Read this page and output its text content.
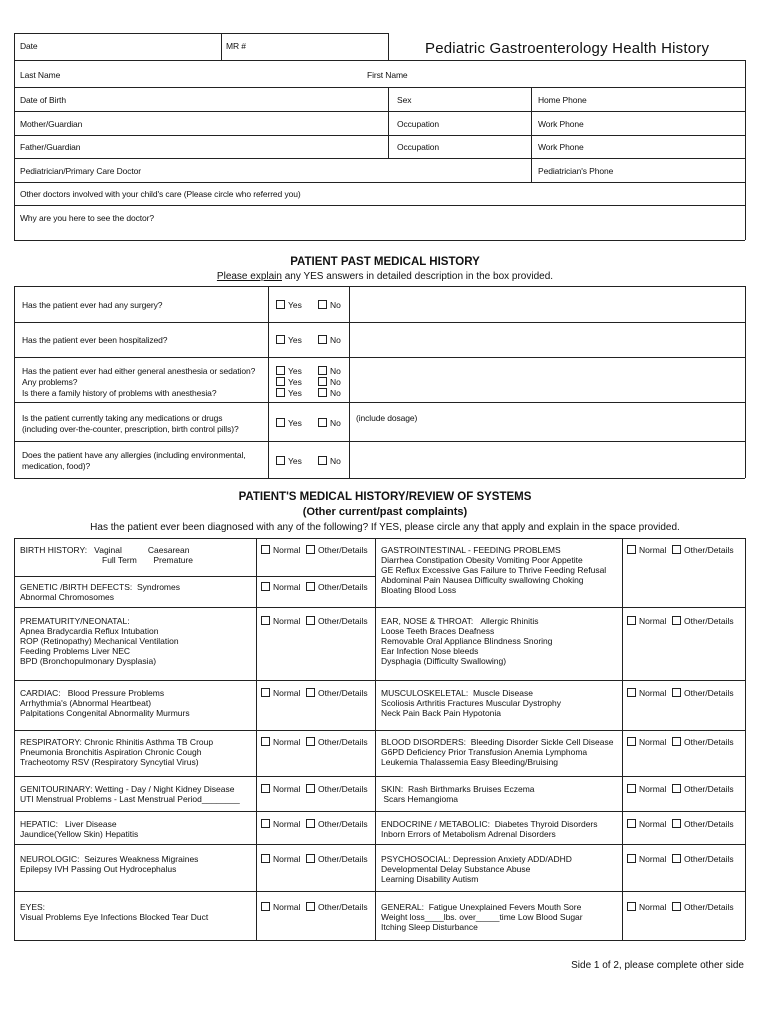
Date	MR #	Pediatric Gastroenterology Health History
Last Name	First Name
Date of Birth	Sex	Home Phone
Mother/Guardian	Occupation	Work Phone
Father/Guardian	Occupation	Work Phone
Pediatrician/Primary Care Doctor	Pediatrician's Phone
Other doctors involved with your child's care (Please circle who referred you)
Why are you here to see the doctor?
PATIENT PAST MEDICAL HISTORY
Please explain any YES answers in detailed description in the box provided.
Has the patient ever had any surgery?	Yes	No
Has the patient ever been hospitalized?	Yes	No
Has the patient ever had either general anesthesia or sedation?
Any problems?
Is there a family history of problems with anesthesia?
Yes	No
Yes	No
Yes	No
Is the patient currently taking any medications or drugs
(including over-the-counter, prescription, birth control pills)?
Yes	No (include dosage)
Does the patient have any allergies (including environmental,
medication, food)?	Yes	No
PATIENT'S MEDICAL HISTORY/REVIEW OF SYSTEMS
(Other current/past complaints)
Has the patient ever been diagnosed with any of the following? If YES, please circle any that apply and explain in the space provided.
BIRTH HISTORY: Vaginal	Caesarean
Full Term Premature
Normal	Other/Details
GENETIC /BIRTH DEFECTS: Syndromes
Abnormal Chromosomes
Normal	Other/Details
PREMATURITY/NEONATAL:
Apnea Bradycardia Reflux Intubation
ROP (Retinopathy) Mechanical Ventilation
Feeding Problems Liver NEC
BPD (Bronchopulmonary Dysplasia)
Normal	Other/Details
CARDIAC: Blood Pressure Problems
Arrhythmia's (Abnormal Heartbeat)
Palpitations Congenital Abnormality Murmurs
Normal	Other/Details
RESPIRATORY: Chronic Rhinitis Asthma TB Croup
Pneumonia Bronchitis Aspiration Chronic Cough
Tracheotomy RSV (Respiratory Syncytial Virus)
Normal	Other/Details
GENITOURINARY: Wetting - Day / Night Kidney Disease
UTI Menstrual Problems - Last Menstrual Period________
Normal	Other/Details
HEPATIC: Liver Disease
Jaundice(Yellow Skin) Hepatitis
Normal	Other/Details
NEUROLOGIC: Seizures Weakness Migraines
Epilepsy IVH Passing Out Hydrocephalus
Normal	Other/Details
EYES:
Visual Problems Eye Infections Blocked Tear Duct
Normal	Other/Details
GASTROINTESTINAL - FEEDING PROBLEMS
Diarrhea Constipation Obesity Vomiting Poor Appetite
GE Reflux Excessive Gas Failure to Thrive Feeding Refusal
Abdominal Pain Nausea Difficulty swallowing Choking
Bloating Blood Loss
Normal	Other/Details
EAR, NOSE & THROAT: Allergic Rhinitis
Loose Teeth Braces Deafness
Removable Oral Appliance Blindness Snoring
Ear Infection Nose bleeds
Dysphagia (Difficulty Swallowing)
Normal	Other/Details
MUSCULOSKELETAL: Muscle Disease
Scoliosis Arthritis Fractures Muscular Dystrophy
Neck Pain Back Pain Hypotonia
Normal	Other/Details
BLOOD DISORDERS: Bleeding Disorder Sickle Cell Disease
G6PD Deficiency Prior Transfusion Anemia Lymphoma
Leukemia Thalassemia Easy Bleeding/Bruising
Normal	Other/Details
SKIN: Rash Birthmarks Bruises Eczema
Scars Hemangioma
Normal	Other/Details
ENDOCRINE / METABOLIC: Diabetes Thyroid Disorders
Inborn Errors of Metabolism Adrenal Disorders
Normal	Other/Details
PSYCHOSOCIAL: Depression Anxiety ADD/ADHD
Developmental Delay Substance Abuse
Learning Disability Autism
Normal	Other/Details
GENERAL: Fatigue Unexplained Fevers Mouth Sore
Weight loss____lbs. over_____time Low Blood Sugar
Itching Sleep Disturbance
Normal	Other/Details
Side 1 of 2, please complete other side
